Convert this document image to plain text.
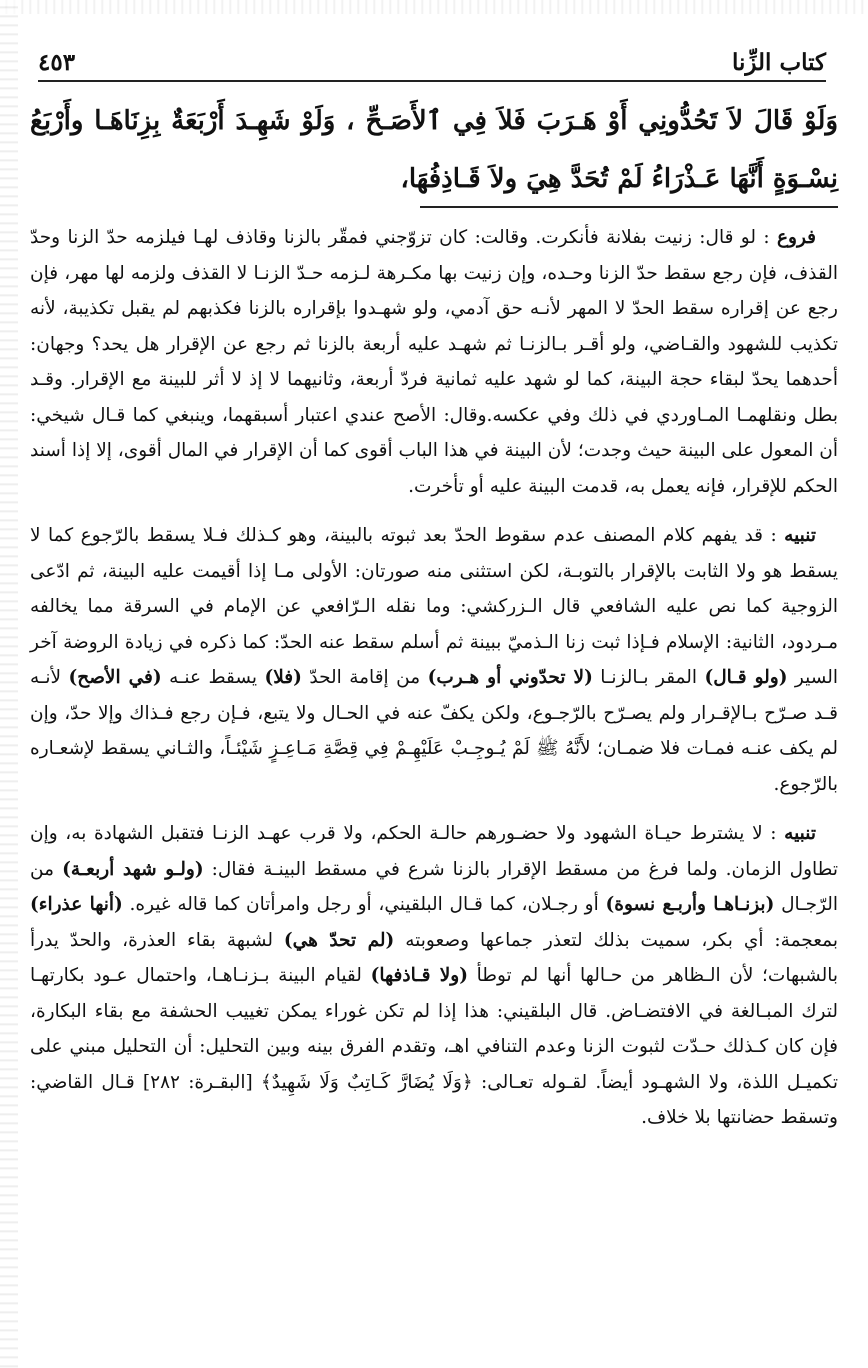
كتاب الزِّنا
٤٥٣
وَلَوْ قَالَ لاَ تَحُدُّونِي أَوْ هَـرَبَ فَلاَ فِي ٱلأَصَـحِّ ، وَلَوْ شَهِـدَ أَرْبَعَةٌ بِزِنَاهَـا وأَرْبَعُ نِسْـوَةٍ أَنَّهَا عَـذْرَاءُ لَمْ تُحَدَّ هِيَ ولاَ قَـاذِفُهَا،

فروع : لو قال: زنيت بفلانة فأنكرت. وقالت: كان تزوّجني فمقّر بالزنا وقاذف لهـا فيلزمه حدّ الزنا وحدّ القذف، فإن رجع سقط حدّ الزنا وحـده، وإن زنيت بها مكـرهة لـزمه حـدّ الزنـا لا القذف ولزمه لها مهر، فإن رجع عن إقراره سقط الحدّ لا المهر لأنـه حق آدمي، ولو شهـدوا بإقراره بالزنا فكذبهم لم يقبل تكذيبة، لأنه تكذيب للشهود والقـاضي، ولو أقـر بـالزنـا ثم شهـد عليه أربعة بالزنا ثم رجع عن الإقرار هل يحد؟ وجهان: أحدهما يحدّ لبقاء حجة البينة، كما لو شهد عليه ثمانية فردّ أربعة، وثانيهما لا إذ لا أثر للبينة مع الإقرار. وقـد بطل ونقلهمـا المـاوردي في ذلك وفي عكسه.وقال: الأصح عندي اعتبار أسبقهما، وينبغي كما قـال شيخي: أن المعول على البينة حيث وجدت؛ لأن البينة في هذا الباب أقوى كما أن الإقرار في المال أقوى، إلا إذا أسند الحكم للإقرار، فإنه يعمل به، قدمت البينة عليه أو تأخرت.

تنبيه : قد يفهم كلام المصنف عدم سقوط الحدّ بعد ثبوته بالبينة، وهو كـذلك فـلا يسقط بالرّجوع كما لا يسقط هو ولا الثابت بالإقرار بالتوبـة، لكن استثنى منه صورتان: الأولى مـا إذا أقيمت عليه البينة، ثم ادّعى الزوجية كما نص عليه الشافعي قال الـزركشي: وما نقله الـرّافعي عن الإمام في السرقة مما يخالفه مـردود، الثانية: الإسلام فـإذا ثبت زنا الـذميّ ببينة ثم أسلم سقط عنه الحدّ: كما ذكره في زيادة الروضة آخر السير (ولو قـال) المقر بـالزنـا (لا تحدّوني أو هـرب) من إقامة الحدّ (فلا) يسقط عنـه (في الأصح) لأنـه قـد صـرّح بـالإقـرار ولم يصـرّح بالرّجـوع، ولكن يكفّ عنه في الحـال ولا يتبع، فـإن رجع فـذاك وإلا حدّ، وإن لم يكف عنـه فمـات فلا ضمـان؛ لأَنَّهُ ﷺ لَمْ يُـوجِـبْ عَلَيْهِـمْ فِي قِصَّةِ مَـاعِـزٍ شَيْئـاً، والثـاني يسقط لإشعـاره بالرّجوع.

تنبيه : لا يشترط حيـاة الشهود ولا حضـورهم حالـة الحكم، ولا قرب عهـد الزنـا فتقبل الشهادة به، وإن تطاول الزمان. ولما فرغ من مسقط الإقرار بالزنا شرع في مسقط البينـة فقال: (ولـو شهد أربعـة) من الرّجـال (بزنـاهـا وأربـع نسوة) أو رجـلان، كما قـال البلقيني، أو رجل وامرأتان كما قاله غيره. (أنها عذراء) بمعجمة: أي بكر، سميت بذلك لتعذر جماعها وصعوبته (لم تحدّ هي) لشبهة بقاء العذرة، والحدّ يدرأ بالشبهات؛ لأن الـظاهر من حـالها أنها لم توطأ (ولا قـاذفها) لقيام البينة بـزنـاهـا، واحتمال عـود بكارتهـا لترك المبـالغة في الافتضـاض. قال البلقيني: هذا إذا لم تكن غوراء يمكن تغييب الحشفة مع بقاء البكارة، فإن كان كـذلك حـدّت لثبوت الزنا وعدم التنافي اهـ، وتقدم الفرق بينه وبين التحليل: أن التحليل مبني على تكميـل اللذة، ولا الشهـود أيضاً. لقـوله تعـالى: ﴿وَلَا يُضَارَّ كَـاتِبٌ وَلَا شَهِيدٌ﴾ [البقـرة: ٢٨٢] قـال القاضي: وتسقط حضانتها بلا خلاف.
